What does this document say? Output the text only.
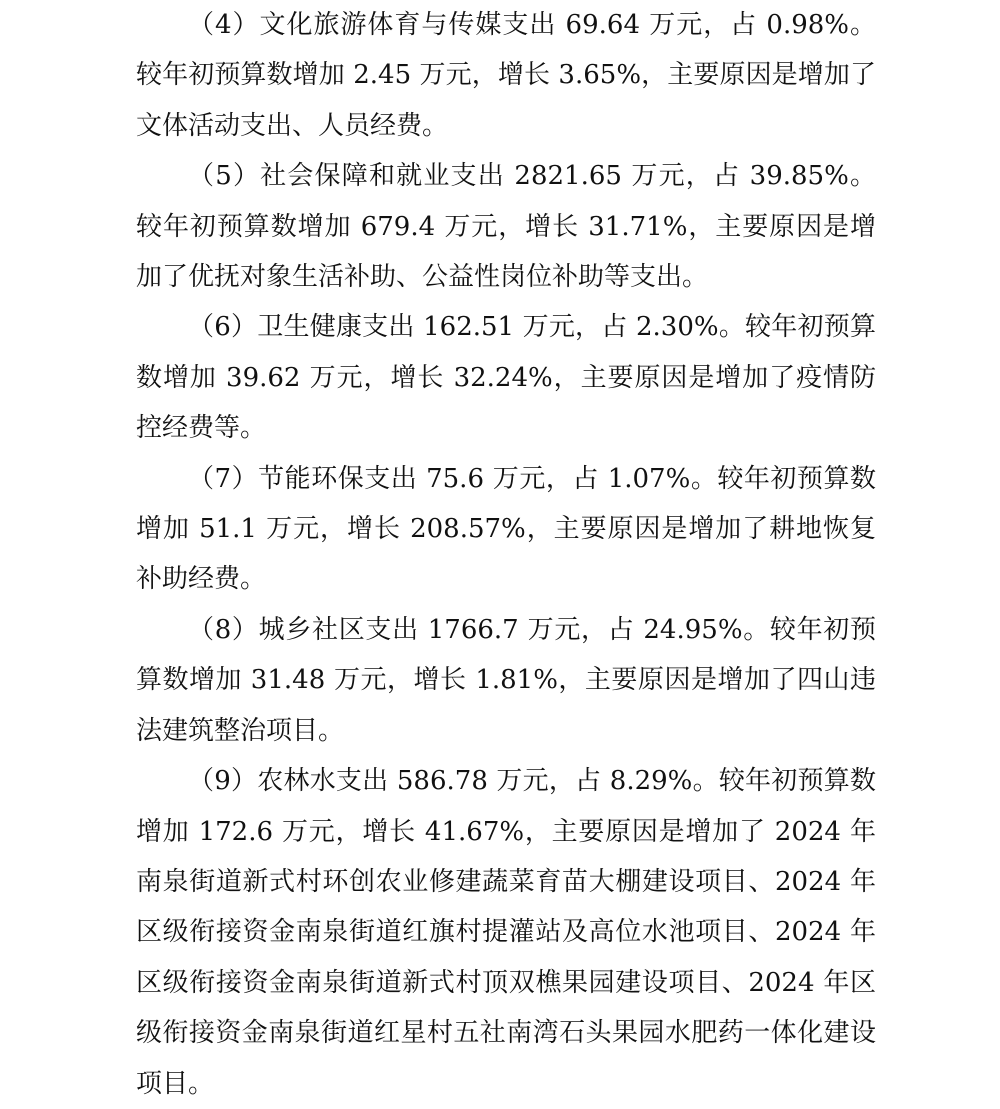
（4）文化旅游体育与传媒支出 69.64 万元，占 0.98%。较年初预算数增加 2.45 万元，增长 3.65%，主要原因是增加了文体活动支出、人员经费。

（5）社会保障和就业支出 2821.65 万元，占 39.85%。较年初预算数增加 679.4 万元，增长 31.71%，主要原因是增加了优抚对象生活补助、公益性岗位补助等支出。

（6）卫生健康支出 162.51 万元，占 2.30%。较年初预算数增加 39.62 万元，增长 32.24%，主要原因是增加了疫情防控经费等。

（7）节能环保支出 75.6 万元，占 1.07%。较年初预算数增加 51.1 万元，增长 208.57%，主要原因是增加了耕地恢复补助经费。

（8）城乡社区支出 1766.7 万元，占 24.95%。较年初预算数增加 31.48 万元，增长 1.81%，主要原因是增加了四山违法建筑整治项目。

（9）农林水支出 586.78 万元，占 8.29%。较年初预算数增加 172.6 万元，增长 41.67%，主要原因是增加了 2024 年南泉街道新式村环创农业修建蔬菜育苗大棚建设项目、2024 年区级衔接资金南泉街道红旗村提灌站及高位水池项目、2024 年区级衔接资金南泉街道新式村顶双樵果园建设项目、2024 年区级衔接资金南泉街道红星村五社南湾石头果园水肥药一体化建设项目。
